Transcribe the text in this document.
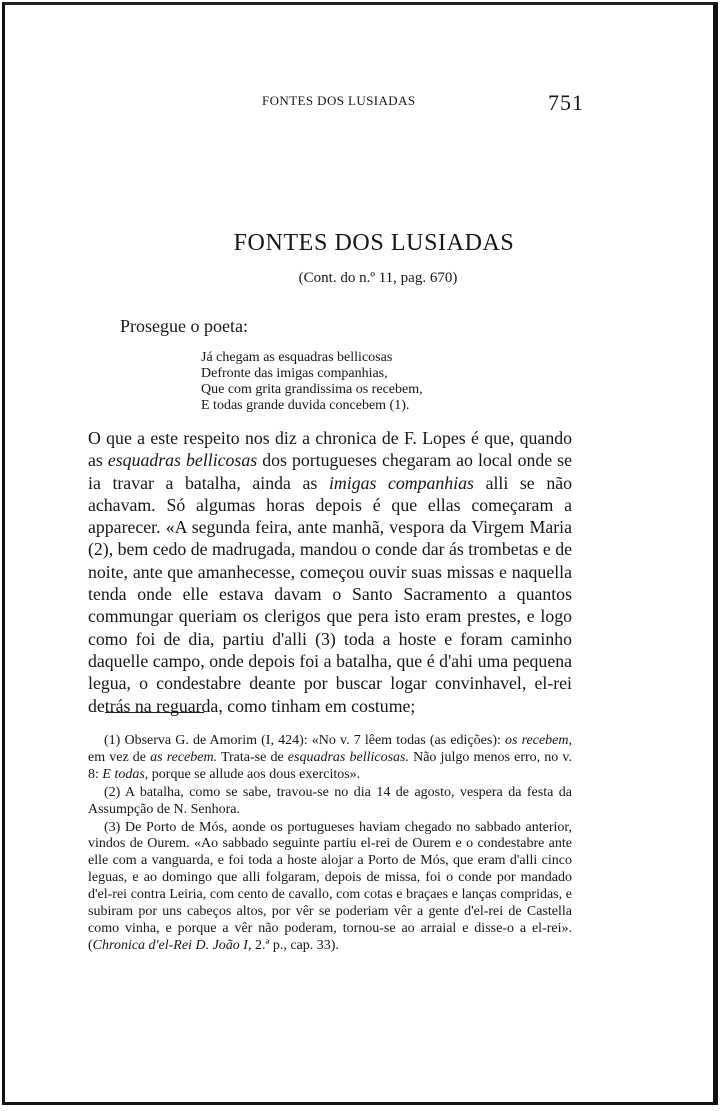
FONTES DOS LUSIADAS	751
FONTES DOS LUSIADAS
(Cont. do n.º 11, pag. 670)
Prosegue o poeta:
Já chegam as esquadras bellicosas
Defronte das imigas companhias,
Que com grita grandissima os recebem,
E todas grande duvida concebem (1).
O que a este respeito nos diz a chronica de F. Lopes é que, quando as esquadras bellicosas dos portugueses chegaram ao local onde se ia travar a batalha, ainda as imigas companhias alli se não achavam. Só algumas horas depois é que ellas começaram a apparecer. «A segunda feira, ante manhã, vespora da Virgem Maria (2), bem cedo de madrugada, mandou o conde dar ás trombetas e de noite, ante que amanhecesse, começou ouvir suas missas e naquella tenda onde elle estava davam o Santo Sacramento a quantos commungar queriam os clerigos que pera isto eram prestes, e logo como foi de dia, partiu d'alli (3) toda a hoste e foram caminho daquelle campo, onde depois foi a batalha, que é d'ahi uma pequena legua, o condestabre deante por buscar logar convinhavel, el-rei detrás na reguarda, como tinham em costume;

(1) Observa G. de Amorim (I, 424): «No v. 7 lêem todas (as edições): os recebem, em vez de as recebem. Trata-se de esquadras bellicosas. Não julgo menos erro, no v. 8: E todas, porque se allude aos dous exercitos».

(2) A batalha, como se sabe, travou-se no dia 14 de agosto, vespera da festa da Assumpção de N. Senhora.

(3) De Porto de Mós, aonde os portugueses haviam chegado no sabbado anterior, vindos de Ourem. «Ao sabbado seguinte partiu el-rei de Ourem e o condestabre ante elle com a vanguarda, e foi toda a hoste alojar a Porto de Mós, que eram d'alli cinco leguas, e ao domingo que alli folgaram, depois de missa, foi o conde por mandado d'el-rei contra Leiria, com cento de cavallo, com cotas e braçaes e lanças compridas, e subiram por uns cabeços altos, por vêr se poderiam vêr a gente d'el-rei de Castella como vinha, e porque a vêr não poderam, tornou-se ao arraial e disse-o a el-rei». (Chronica d'el-Rei D. João I, 2.ª p., cap. 33).
